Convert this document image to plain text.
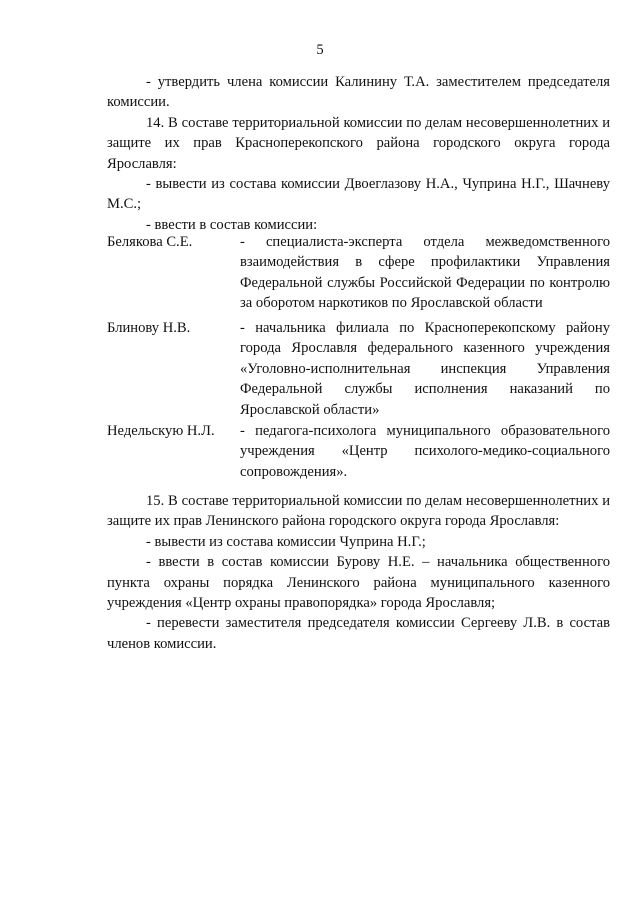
5

- утвердить члена комиссии Калинину Т.А. заместителем председателя комиссии.

14. В составе территориальной комиссии по делам несовершеннолетних и защите их прав Красноперекопского района городского округа города Ярославля:

- вывести из состава комиссии Двоеглазову Н.А., Чуприна Н.Г., Шачневу М.С.;

- ввести в состав комиссии:

Белякова С.Е.	- специалиста-эксперта отдела межведомственного взаимодействия в сфере профилактики Управления Федеральной службы Российской Федерации по контролю за оборотом наркотиков по Ярославской области
Блинову Н.В.	- начальника филиала по Красноперекопскому району города Ярославля федерального казенного учреждения «Уголовно-исполнительная инспекция Управления Федеральной службы исполнения наказаний по Ярославской области»
Недельскую Н.Л.	- педагога-психолога муниципального образовательного учреждения «Центр психолого-медико-социального сопровождения».

15. В составе территориальной комиссии по делам несовершеннолетних и защите их прав Ленинского района городского округа города Ярославля:

- вывести из состава комиссии Чуприна Н.Г.;

- ввести в состав комиссии Бурову Н.Е. – начальника общественного пункта охраны порядка Ленинского района муниципального казенного учреждения «Центр охраны правопорядка» города Ярославля;

- перевести заместителя председателя комиссии Сергееву Л.В. в состав членов комиссии.
